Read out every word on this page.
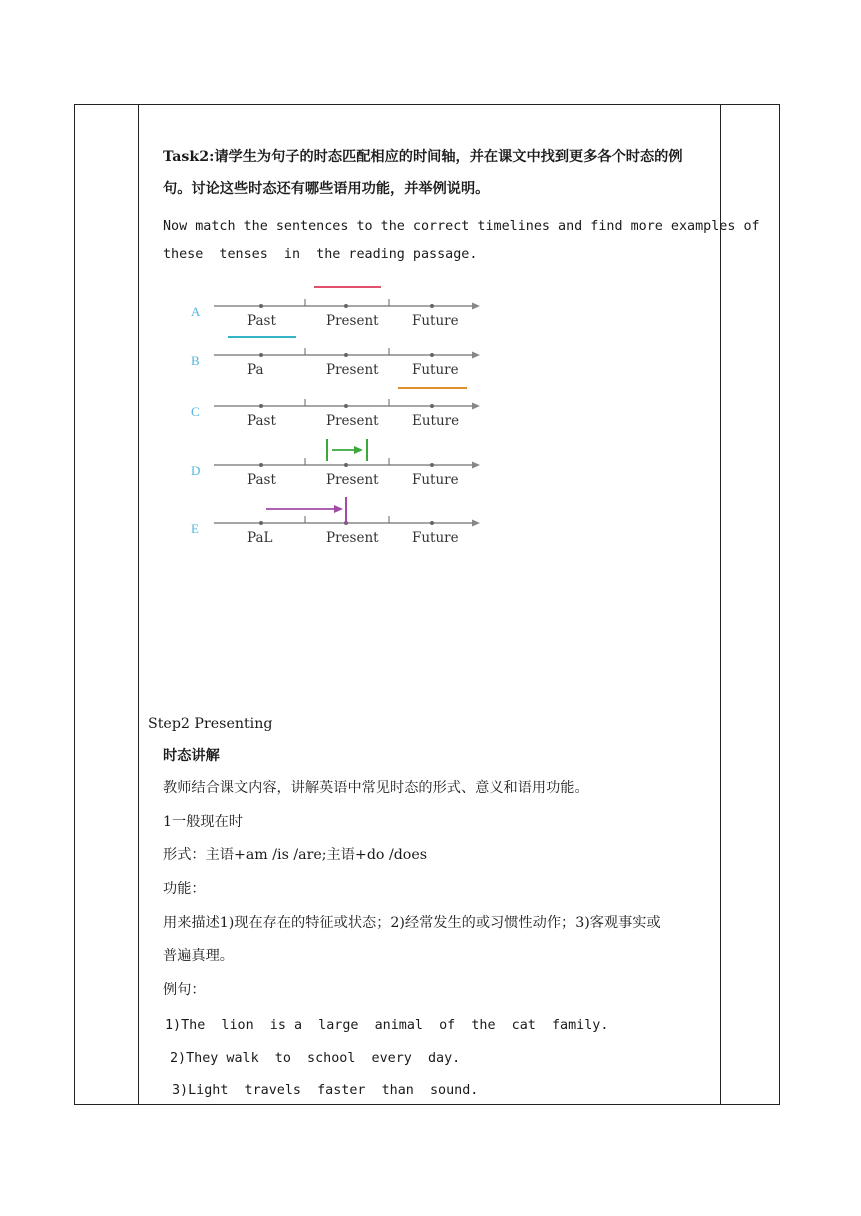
Task2:请学生为句子的时态匹配相应的时间轴，并在课文中找到更多各个时态的例
句。讨论这些时态还有哪些语用功能，并举例说明。
Now match the sentences to the correct timelines and find more examples of
these  tenses  in  the reading passage.
A
Past	Present Future
B
Pa	Present Future
C
Past	Present Euture
D
Past	Present Future
E
PaL	Present Future
Step2 Presenting
时态讲解
教师结合课文内容，讲解英语中常见时态的形式、意义和语用功能。
1一般现在时
形式：主语+am /is /are;主语+do /does
功能：
用来描述1)现在存在的特征或状态；2)经常发生的或习惯性动作；3)客观事实或
普遍真理。
例句：
1)The  lion  is a  large  animal  of  the  cat  family.
2)They walk  to  school  every  day.
3)Light  travels  faster  than  sound.
